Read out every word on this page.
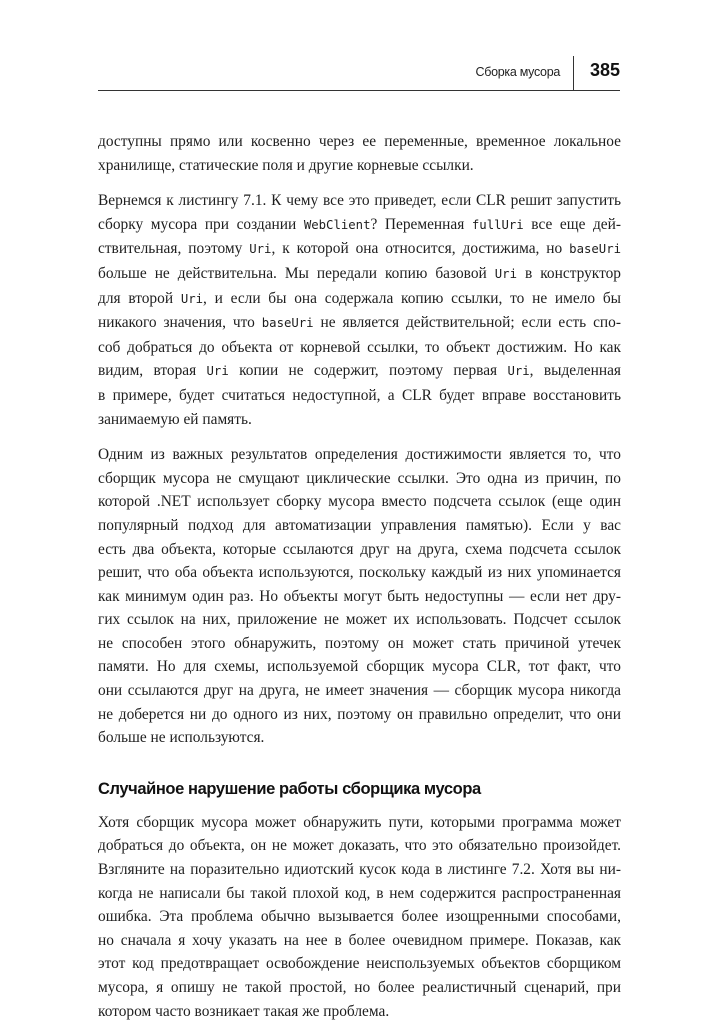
Сборка мусора 385

доступны прямо или косвенно через ее переменные, временное локальное
хранилище, статические поля и другие корневые ссылки.

Вернемся к листингу 7.1. К чему все это приведет, если CLR решит запустить
сборку мусора при создании WebClient? Переменная fullUri все еще дей-
ствительная, поэтому Uri, к которой она относится, достижима, но baseUri
больше не действительна. Мы передали копию базовой Uri в конструктор
для второй Uri, и если бы она содержала копию ссылки, то не имело бы
никакого значения, что baseUri не является действительной; если есть спо-
соб добраться до объекта от корневой ссылки, то объект достижим. Но как
видим, вторая Uri копии не содержит, поэтому первая Uri, выделенная
в примере, будет считаться недоступной, а CLR будет вправе восстановить
занимаемую ей память.

Одним из важных результатов определения достижимости является то, что
сборщик мусора не смущают циклические ссылки. Это одна из причин, по
которой .NET использует сборку мусора вместо подсчета ссылок (еще один
популярный подход для автоматизации управления памятью). Если у вас
есть два объекта, которые ссылаются друг на друга, схема подсчета ссылок
решит, что оба объекта используются, поскольку каждый из них упоминается
как минимум один раз. Но объекты могут быть недоступны — если нет дру-
гих ссылок на них, приложение не может их использовать. Подсчет ссылок
не способен этого обнаружить, поэтому он может стать причиной утечек
памяти. Но для схемы, используемой сборщик мусора CLR, тот факт, что
они ссылаются друг на друга, не имеет значения — сборщик мусора никогда
не доберется ни до одного из них, поэтому он правильно определит, что они
больше не используются.

Случайное нарушение работы сборщика мусора

Хотя сборщик мусора может обнаружить пути, которыми программа может
добраться до объекта, он не может доказать, что это обязательно произойдет.
Взгляните на поразительно идиотский кусок кода в листинге 7.2. Хотя вы ни-
когда не написали бы такой плохой код, в нем содержится распространенная
ошибка. Эта проблема обычно вызывается более изощренными способами,
но сначала я хочу указать на нее в более очевидном примере. Показав, как
этот код предотвращает освобождение неиспользуемых объектов сборщиком
мусора, я опишу не такой простой, но более реалистичный сценарий, при
котором часто возникает такая же проблема.
